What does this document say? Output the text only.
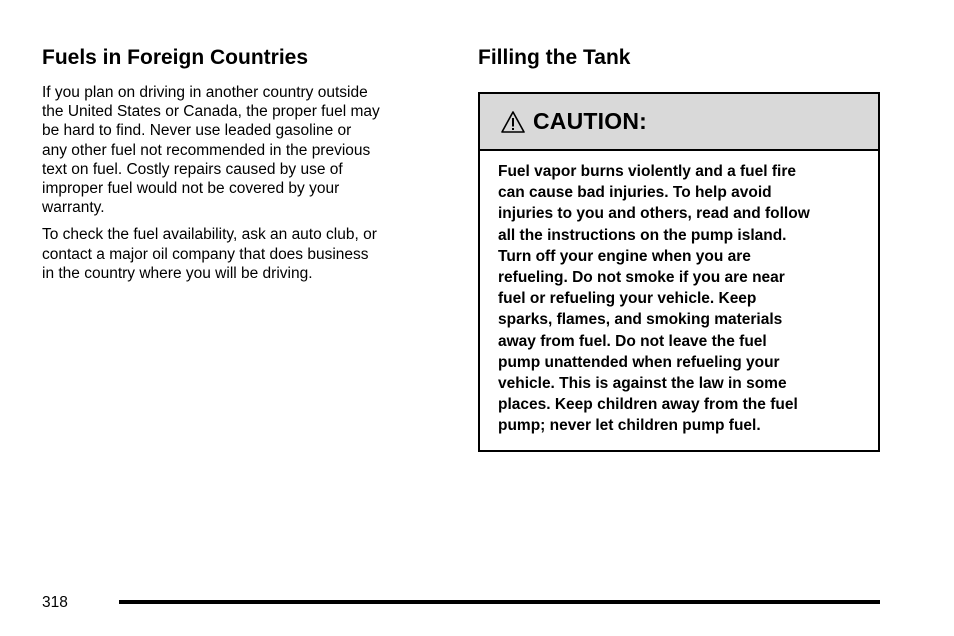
Fuels in Foreign Countries

If you plan on driving in another country outside
the United States or Canada, the proper fuel may
be hard to find. Never use leaded gasoline or
any other fuel not recommended in the previous
text on fuel. Costly repairs caused by use of
improper fuel would not be covered by your
warranty.

To check the fuel availability, ask an auto club, or
contact a major oil company that does business
in the country where you will be driving.

Filling the Tank
CAUTION:
Fuel vapor burns violently and a fuel fire
can cause bad injuries. To help avoid
injuries to you and others, read and follow
all the instructions on the pump island.
Turn off your engine when you are
refueling. Do not smoke if you are near
fuel or refueling your vehicle. Keep
sparks, flames, and smoking materials
away from fuel. Do not leave the fuel
pump unattended when refueling your
vehicle. This is against the law in some
places. Keep children away from the fuel
pump; never let children pump fuel.
318
